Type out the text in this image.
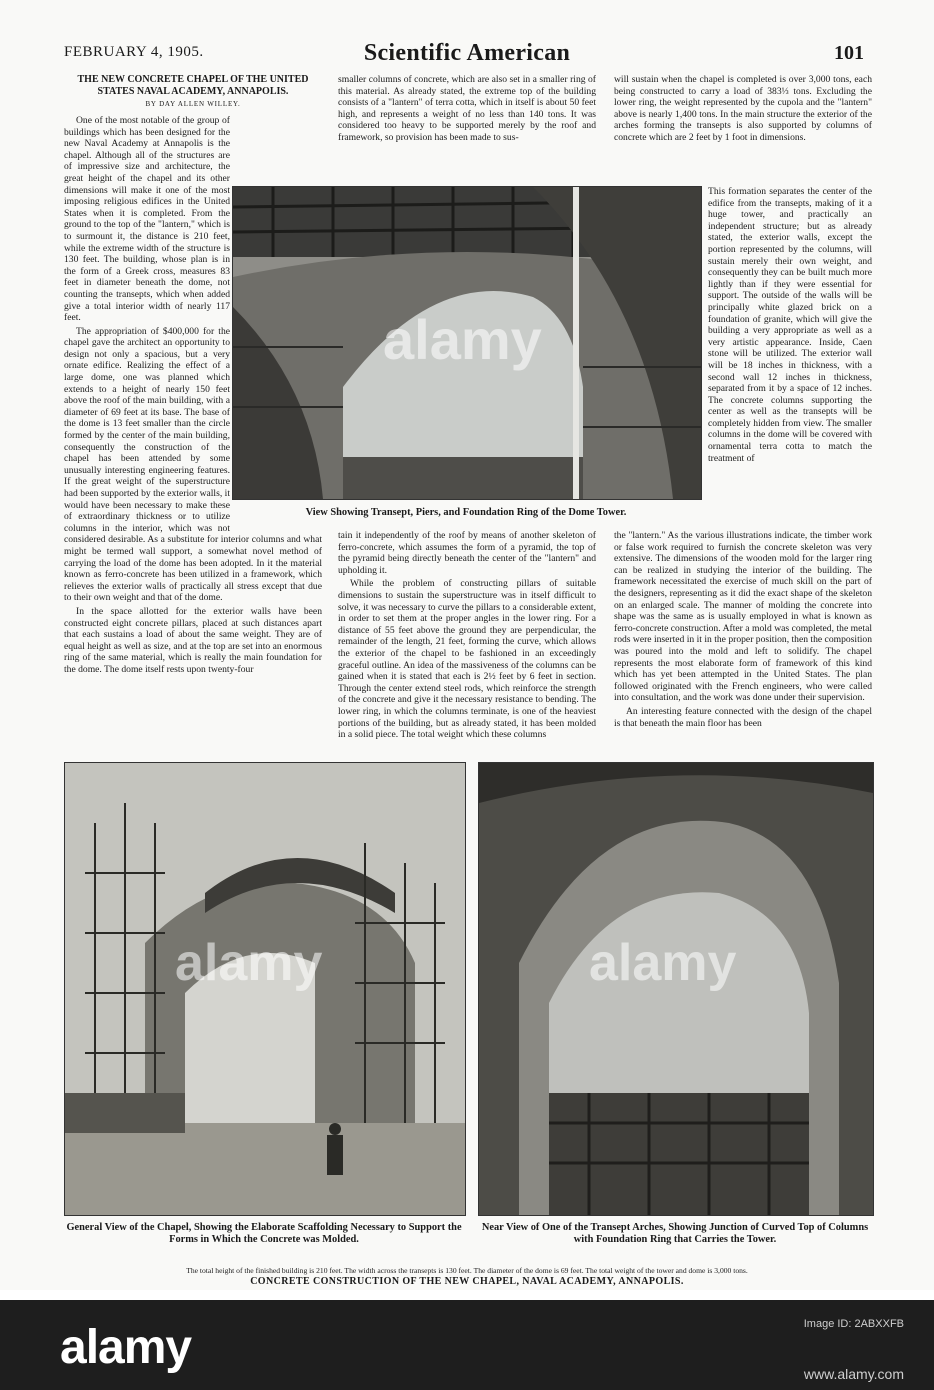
FEBRUARY 4, 1905.	Scientific American	101

THE NEW CONCRETE CHAPEL OF THE UNITED STATES NAVAL ACADEMY, ANNAPOLIS.

BY DAY ALLEN WILLEY.

smaller columns of concrete, which are also set in a smaller ring of this material. As already stated, the extreme top of the building consists of a "lantern" of terra cotta, which in itself is about 50 feet high, and represents a weight of no less than 140 tons. It was considered too heavy to be supported merely by the roof and framework, so provision has been made to sus-

will sustain when the chapel is completed is over 3,000 tons, each being constructed to carry a load of 383⅓ tons. Excluding the lower ring, the weight represented by the cupola and the "lantern" above is nearly 1,400 tons. In the main structure the exterior of the arches forming the transepts is also supported by columns of concrete which are 2 feet by 1 foot in dimensions.

alamy
View Showing Transept, Piers, and Foundation Ring of the Dome Tower.

This formation separates the center of the edifice from the transepts, making of it a huge tower, and practically an independent structure; but as already stated, the exterior walls, except the portion represented by the columns, will sustain merely their own weight, and consequently they can be built much more lightly than if they were essential for support. The outside of the walls will be principally white glazed brick on a foundation of granite, which will give the building a very appropriate as well as a very artistic appearance. Inside, Caen stone will be utilized. The exterior wall will be 18 inches in thickness, with a second wall 12 inches in thickness, separated from it by a space of 12 inches. The concrete columns supporting the center as well as the transepts will be completely hidden from view. The smaller columns in the dome will be covered with ornamental terra cotta to match the treatment of

One of the most notable of the group of buildings which has been designed for the new Naval Academy at Annapolis is the chapel. Although all of the structures are of impressive size and architecture, the great height of the chapel and its other dimensions will make it one of the most imposing religious edifices in the United States when it is completed. From the ground to the top of the "lantern," which is to surmount it, the distance is 210 feet, while the extreme width of the structure is 130 feet. The building, whose plan is in the form of a Greek cross, measures 83 feet in diameter beneath the dome, not counting the transepts, which when added give a total interior width of nearly 117 feet.

The appropriation of $400,000 for the chapel gave the architect an opportunity to design not only a spacious, but a very ornate edifice. Realizing the effect of a large dome, one was planned which extends to a height of nearly 150 feet above the roof of the main building, with a diameter of 69 feet at its base. The base of the dome is 13 feet smaller than the circle formed by the center of the main building, consequently the construction of the chapel has been attended by some unusually interesting engineering features. If the great weight of the superstructure had been supported by the exterior walls, it would have been necessary to make these of extraordinary thickness or to utilize columns in the interior, which was not considered desirable. As a substitute for interior columns and what might be termed wall support, a somewhat novel method of carrying the load of the dome has been adopted. In it the material known as ferro-concrete has been utilized in a framework, which relieves the exterior walls of practically all stress except that due to their own weight and that of the dome.

In the space allotted for the exterior walls have been constructed eight concrete pillars, placed at such distances apart that each sustains a load of about the same weight. They are of equal height as well as size, and at the top are set into an enormous ring of the same material, which is really the main foundation for the dome. The dome itself rests upon twenty-four

tain it independently of the roof by means of another skeleton of ferro-concrete, which assumes the form of a pyramid, the top of the pyramid being directly beneath the center of the "lantern" and upholding it.

While the problem of constructing pillars of suitable dimensions to sustain the superstructure was in itself difficult to solve, it was necessary to curve the pillars to a considerable extent, in order to set them at the proper angles in the lower ring. For a distance of 55 feet above the ground they are perpendicular, the remainder of the length, 21 feet, forming the curve, which allows the exterior of the chapel to be fashioned in an exceedingly graceful outline. An idea of the massiveness of the columns can be gained when it is stated that each is 2½ feet by 6 feet in section. Through the center extend steel rods, which reinforce the strength of the concrete and give it the necessary resistance to bending. The lower ring, in which the columns terminate, is one of the heaviest portions of the building, but as already stated, it has been molded in a solid piece. The total weight which these columns

the "lantern." As the various illustrations indicate, the timber work or false work required to furnish the concrete skeleton was very extensive. The dimensions of the wooden mold for the larger ring can be realized in studying the interior of the building. The framework necessitated the exercise of much skill on the part of the designers, representing as it did the exact shape of the skeleton on an enlarged scale. The manner of molding the concrete into shape was the same as is usually employed in what is known as ferro-concrete construction. After a mold was completed, the metal rods were inserted in it in the proper position, then the composition was poured into the mold and left to solidify. The chapel represents the most elaborate form of framework of this kind which has yet been attempted in the United States. The plan followed originated with the French engineers, who were called into consultation, and the work was done under their supervision.

An interesting feature connected with the design of the chapel is that beneath the main floor has been

alamy
General View of the Chapel, Showing the Elaborate Scaffolding Necessary to Support the Forms in Which the Concrete was Molded.
alamy
Near View of One of the Transept Arches, Showing Junction of Curved Top of Columns with Foundation Ring that Carries the Tower.
The total height of the finished building is 210 feet. The width across the transepts is 130 feet. The diameter of the dome is 69 feet. The total weight of the tower and dome is 3,000 tons.
CONCRETE CONSTRUCTION OF THE NEW CHAPEL, NAVAL ACADEMY, ANNAPOLIS.
alamy	Image ID: 2ABXXFB
www.alamy.com
